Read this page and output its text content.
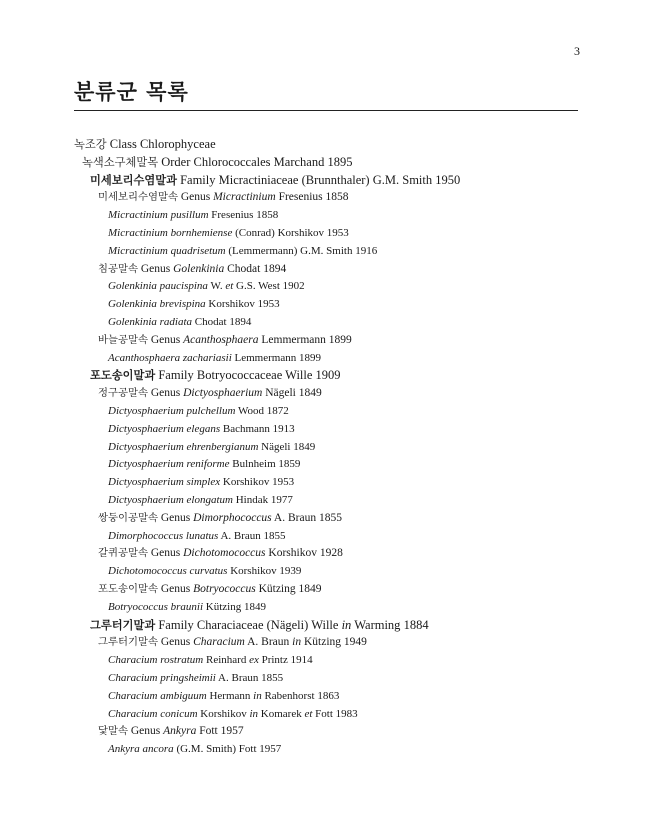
3
분류군 목록
녹조강 Class Chlorophyceae
녹색소구체말목 Order Chlorococcales Marchand 1895
미세보리수염말과 Family Micractiniaceae (Brunnthaler) G.M. Smith 1950
미세보리수염말속 Genus Micractinium Fresenius 1858
Micractinium pusillum Fresenius 1858
Micractinium bornhemiense (Conrad) Korshikov 1953
Micractinium quadrisetum (Lemmermann) G.M. Smith 1916
침공말속 Genus Golenkinia Chodat 1894
Golenkinia paucispina W. et G.S. West 1902
Golenkinia brevispina Korshikov 1953
Golenkinia radiata Chodat 1894
바늘공말속 Genus Acanthosphaera Lemmermann 1899
Acanthosphaera zachariasii Lemmermann 1899
포도송이말과 Family Botryococcaceae Wille 1909
정구공말속 Genus Dictyosphaerium Nägeli 1849
Dictyosphaerium pulchellum Wood 1872
Dictyosphaerium elegans Bachmann 1913
Dictyosphaerium ehrenbergianum Nägeli 1849
Dictyosphaerium reniforme Bulnheim 1859
Dictyosphaerium simplex Korshikov 1953
Dictyosphaerium elongatum Hindak 1977
쌍둥이공말속 Genus Dimorphococcus A. Braun 1855
Dimorphococcus lunatus A. Braun 1855
갈퀴공말속 Genus Dichotomococcus Korshikov 1928
Dichotomococcus curvatus Korshikov 1939
포도송이말속 Genus Botryococcus Kützing 1849
Botryococcus braunii Kützing 1849
그루터기말과 Family Characiaceae (Nägeli) Wille in Warming 1884
그루터기말속 Genus Characium A. Braun in Kützing 1949
Characium rostratum Reinhard ex Printz 1914
Characium pringsheimii A. Braun 1855
Characium ambiguum Hermann in Rabenhorst 1863
Characium conicum Korshikov in Komarek et Fott 1983
닻말속 Genus Ankyra Fott 1957
Ankyra ancora (G.M. Smith) Fott 1957
